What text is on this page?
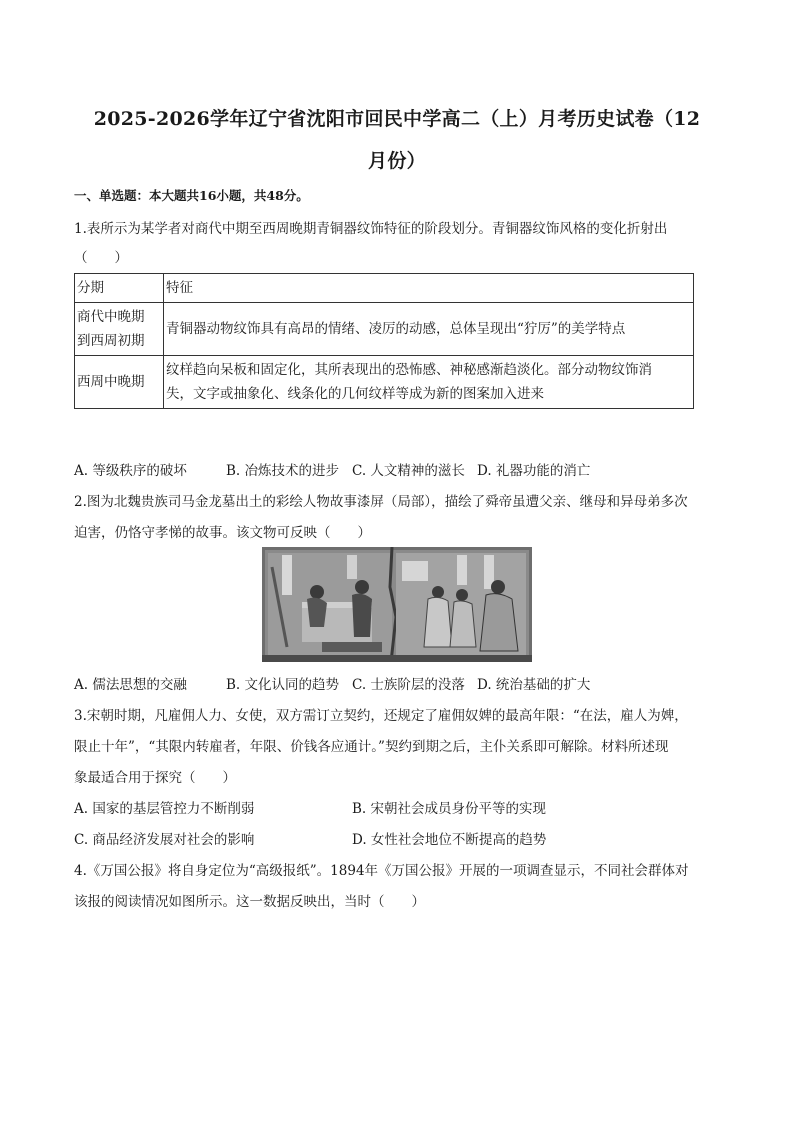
2025-2026学年辽宁省沈阳市回民中学高二（上）月考历史试卷（12
月份）
一、单选题：本大题共16小题，共48分。
1.表所示为某学者对商代中期至西周晚期青铜器纹饰特征的阶段划分。青铜器纹饰风格的变化折射出
（　　）
分期	特征
商代中晚期
到西周初期	青铜器动物纹饰具有高昂的情绪、凌厉的动感，总体呈现出“狞厉”的美学特点
西周中晚期	纹样趋向呆板和固定化，其所表现出的恐怖感、神秘感渐趋淡化。部分动物纹饰消
失，文字或抽象化、线条化的几何纹样等成为新的图案加入进来
A. 等级秩序的破坏	B. 冶炼技术的进步 C. 人文精神的滋长 D. 礼器功能的消亡
2.图为北魏贵族司马金龙墓出土的彩绘人物故事漆屏（局部），描绘了舜帝虽遭父亲、继母和异母弟多次
迫害，仍恪守孝悌的故事。该文物可反映（　　）
A. 儒法思想的交融	B. 文化认同的趋势 C. 士族阶层的没落 D. 统治基础的扩大
3.宋朝时期，凡雇佣人力、女使，双方需订立契约，还规定了雇佣奴婢的最高年限：“在法，雇人为婢，
限止十年”，“其限内转雇者，年限、价钱各应通计。”契约到期之后，主仆关系即可解除。材料所述现
象最适合用于探究（　　）
A. 国家的基层管控力不断削弱	B. 宋朝社会成员身份平等的实现
C. 商品经济发展对社会的影响	D. 女性社会地位不断提高的趋势
4.《万国公报》将自身定位为“高级报纸”。1894年《万国公报》开展的一项调查显示，不同社会群体对
该报的阅读情况如图所示。这一数据反映出，当时（　　）
